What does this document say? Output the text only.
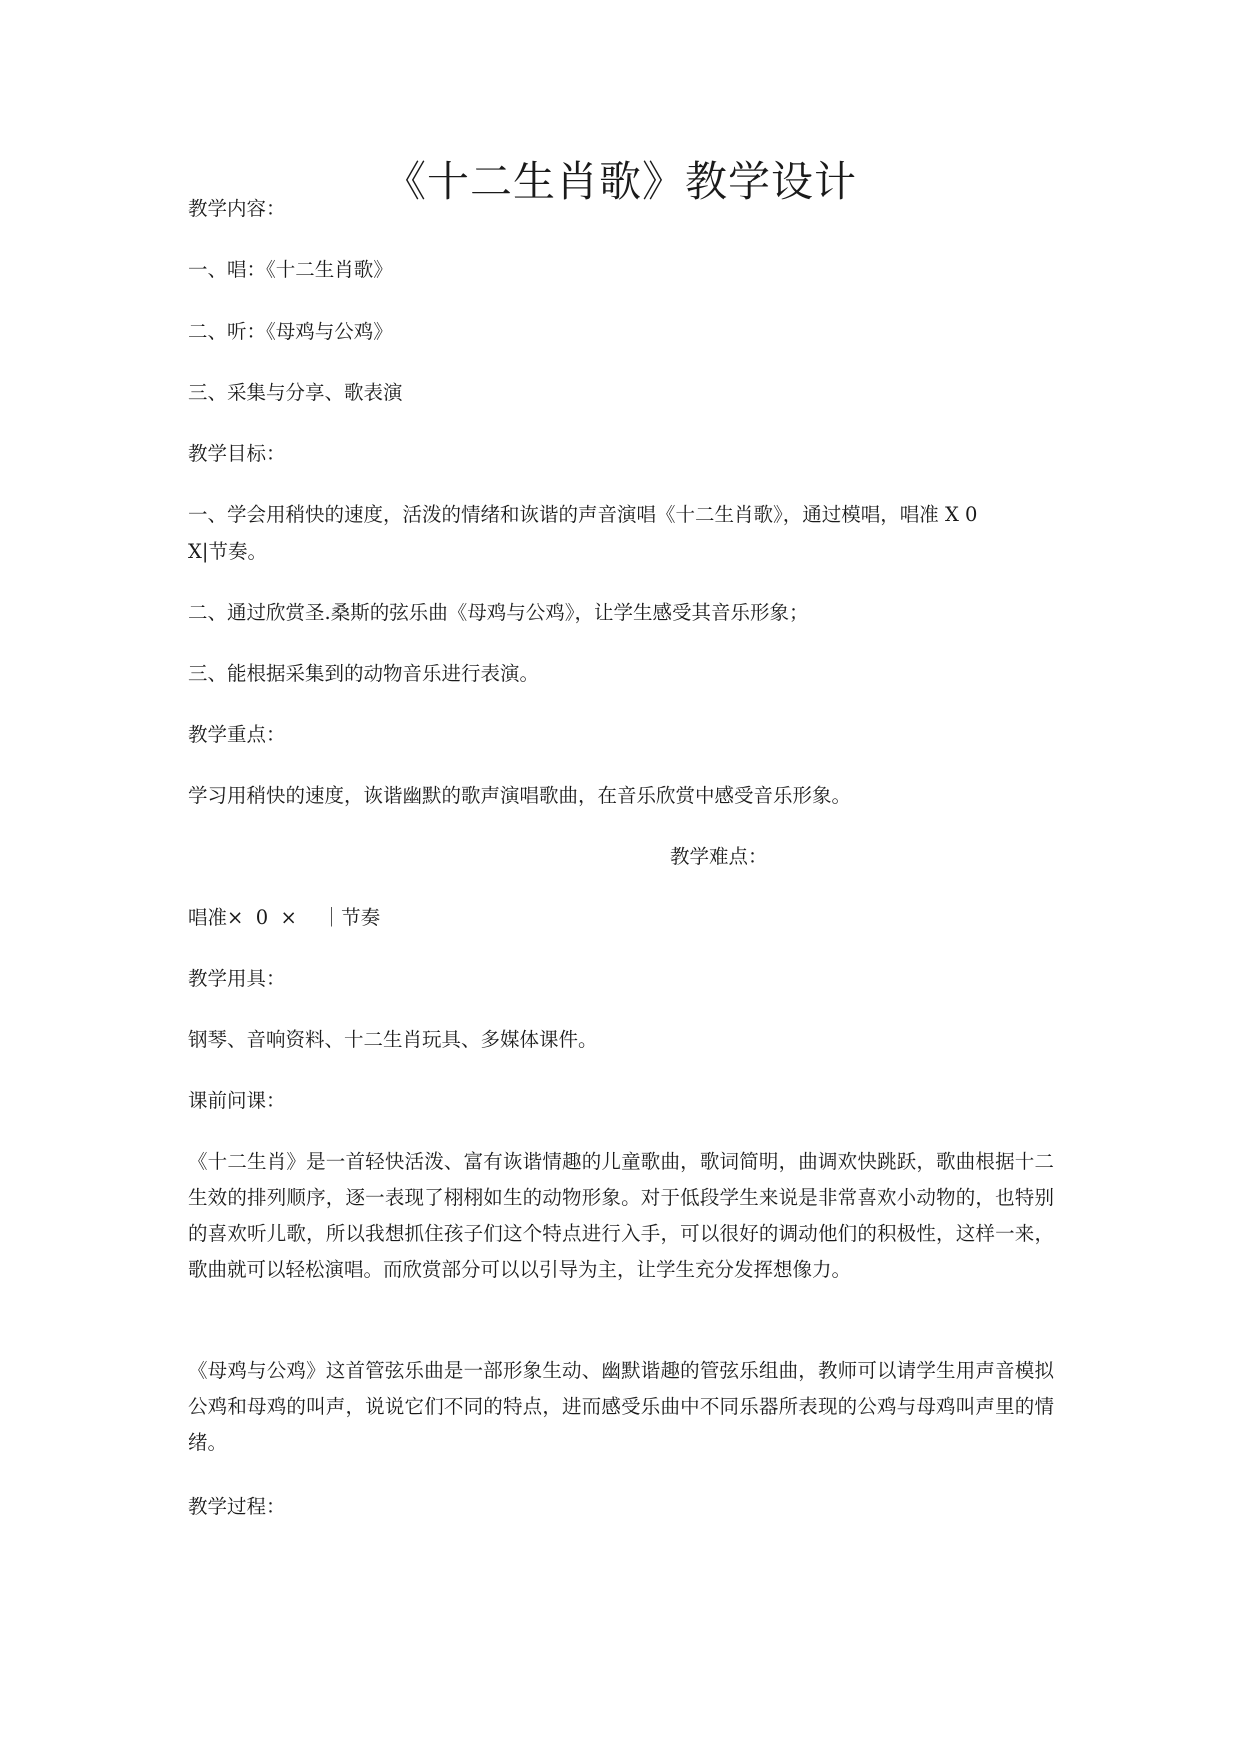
《十二生肖歌》教学设计
教学内容：
一、唱：《十二生肖歌》
二、听：《母鸡与公鸡》
三、采集与分享、歌表演
教学目标：
一、学会用稍快的速度，活泼的情绪和诙谐的声音演唱《十二生肖歌》，通过模唱，唱准 X 0
X|节奏。
二、通过欣赏圣.桑斯的弦乐曲《母鸡与公鸡》，让学生感受其音乐形象；
三、能根据采集到的动物音乐进行表演。
教学重点：
学习用稍快的速度，诙谐幽默的歌声演唱歌曲，在音乐欣赏中感受音乐形象。
教学难点：
唱准×  0  ×    ｜节奏
教学用具：
钢琴、音响资料、十二生肖玩具、多媒体课件。
课前问课：
《十二生肖》是一首轻快活泼、富有诙谐情趣的儿童歌曲，歌词简明，曲调欢快跳跃，歌曲根据十二生效的排列顺序，逐一表现了栩栩如生的动物形象。对于低段学生来说是非常喜欢小动物的，也特别的喜欢听儿歌，所以我想抓住孩子们这个特点进行入手，可以很好的调动他们的积极性，这样一来，歌曲就可以轻松演唱。而欣赏部分可以以引导为主，让学生充分发挥想像力。
《母鸡与公鸡》这首管弦乐曲是一部形象生动、幽默谐趣的管弦乐组曲，教师可以请学生用声音模拟公鸡和母鸡的叫声，说说它们不同的特点，进而感受乐曲中不同乐器所表现的公鸡与母鸡叫声里的情绪。
教学过程：
